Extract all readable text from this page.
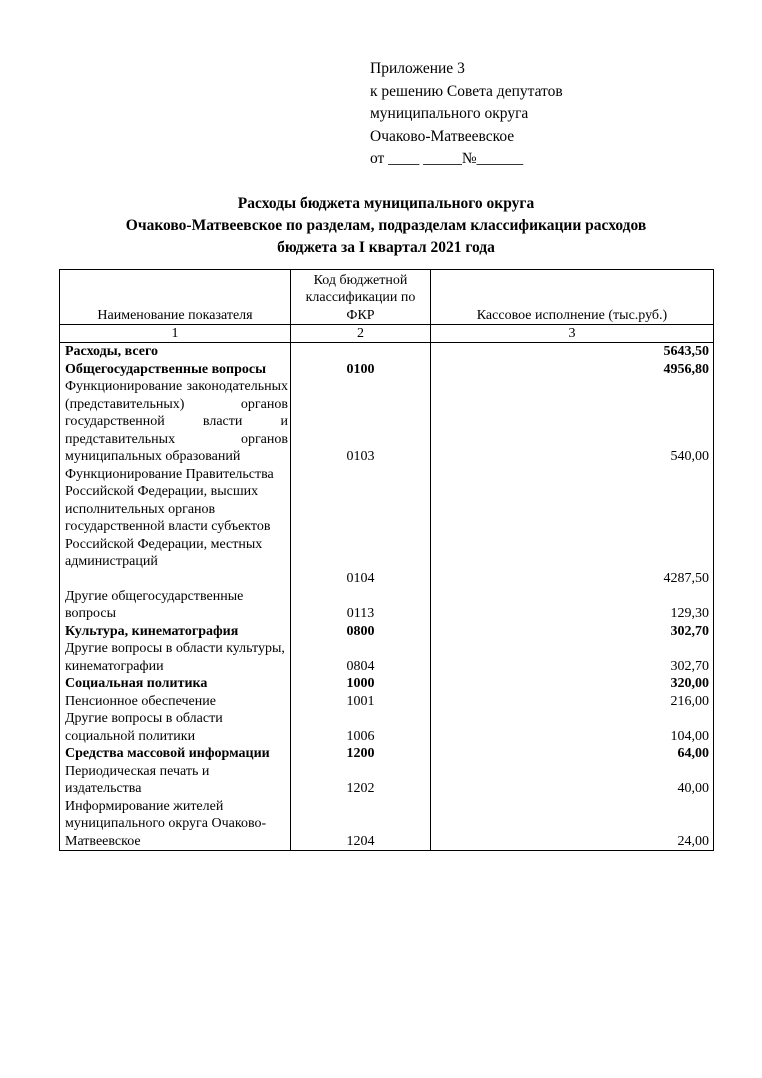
Приложение 3
к решению Совета депутатов
муниципального округа
Очаково-Матвеевское
от ____ _____№______
Расходы бюджета муниципального округа
Очаково-Матвеевское по разделам, подразделам классификации расходов
бюджета за I квартал 2021 года
Наименование показателя	Код бюджетной классификации по ФКР	Кассовое исполнение (тыс.руб.)
1	2	3
Расходы, всего		5643,50
Общегосударственные вопросы	0100	4956,80
Функционирование законодательных (представительных) органов государственной власти и представительных органов муниципальных образований	0103	540,00
Функционирование Правительства Российской Федерации, высших исполнительных органов государственной власти субъектов Российской Федерации, местных администраций	0104	4287,50
Другие общегосударственные вопросы	0113	129,30
Культура, кинематография	0800	302,70
Другие вопросы в области культуры, кинематографии	0804	302,70
Социальная политика	1000	320,00
Пенсионное обеспечение	1001	216,00
Другие вопросы в области социальной политики	1006	104,00
Средства массовой информации	1200	64,00
Периодическая печать и издательства	1202	40,00
Информирование жителей муниципального округа Очаково-Матвеевское	1204	24,00
